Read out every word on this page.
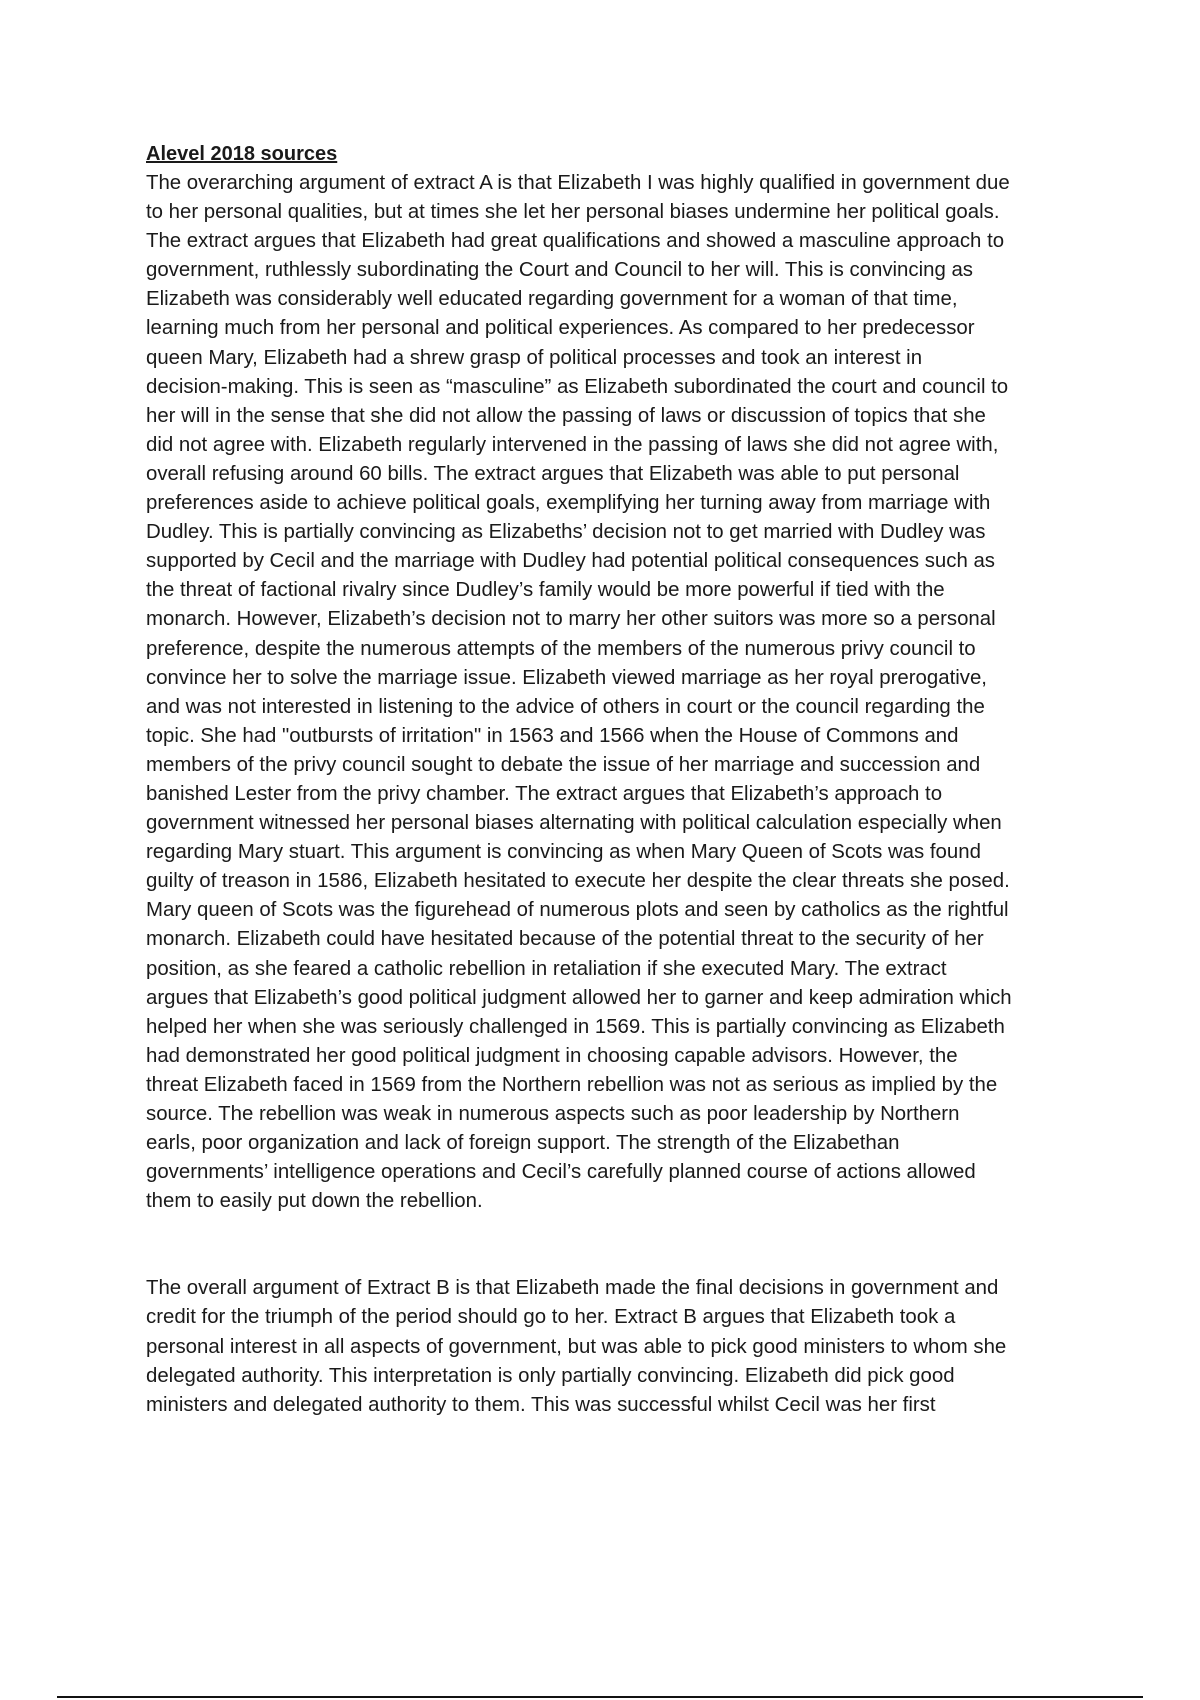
Alevel 2018 sources

The overarching argument of extract A is that Elizabeth I was highly qualified in government due
to her personal qualities, but at times she let her personal biases undermine her political goals.
The extract argues that Elizabeth had great qualifications and showed a masculine approach to
government, ruthlessly subordinating the Court and Council to her will. This is convincing as
Elizabeth was considerably well educated regarding government for a woman of that time,
learning much from her personal and political experiences. As compared to her predecessor
queen Mary, Elizabeth had a shrew grasp of political processes and took an interest in
decision-making. This is seen as “masculine” as Elizabeth subordinated the court and council to
her will in the sense that she did not allow the passing of laws or discussion of topics that she
did not agree with. Elizabeth regularly intervened in the passing of laws she did not agree with,
overall refusing around 60 bills. The extract argues that Elizabeth was able to put personal
preferences aside to achieve political goals, exemplifying her turning away from marriage with
Dudley. This is partially convincing as Elizabeths’ decision not to get married with Dudley was
supported by Cecil and the marriage with Dudley had potential political consequences such as
the threat of factional rivalry since Dudley’s family would be more powerful if tied with the
monarch. However, Elizabeth’s decision not to marry her other suitors was more so a personal
preference, despite the numerous attempts of the members of the numerous privy council to
convince her to solve the marriage issue. Elizabeth viewed marriage as her royal prerogative,
and was not interested in listening to the advice of others in court or the council regarding the
topic. She had "outbursts of irritation" in 1563 and 1566 when the House of Commons and
members of the privy council sought to debate the issue of her marriage and succession and
banished Lester from the privy chamber. The extract argues that Elizabeth’s approach to
government witnessed her personal biases alternating with political calculation especially when
regarding Mary stuart. This argument is convincing as when Mary Queen of Scots was found
guilty of treason in 1586, Elizabeth hesitated to execute her despite the clear threats she posed.
Mary queen of Scots was the figurehead of numerous plots and seen by catholics as the rightful
monarch. Elizabeth could have hesitated because of the potential threat to the security of her
position, as she feared a catholic rebellion in retaliation if she executed Mary. The extract
argues that Elizabeth’s good political judgment allowed her to garner and keep admiration which
helped her when she was seriously challenged in 1569. This is partially convincing as Elizabeth
had demonstrated her good political judgment in choosing capable advisors. However, the
threat Elizabeth faced in 1569 from the Northern rebellion was not as serious as implied by the
source. The rebellion was weak in numerous aspects such as poor leadership by Northern
earls, poor organization and lack of foreign support. The strength of the Elizabethan
governments’ intelligence operations and Cecil’s carefully planned course of actions allowed
them to easily put down the rebellion.

The overall argument of Extract B is that Elizabeth made the final decisions in government and
credit for the triumph of the period should go to her. Extract B argues that Elizabeth took a
personal interest in all aspects of government, but was able to pick good ministers to whom she
delegated authority. This interpretation is only partially convincing. Elizabeth did pick good
ministers and delegated authority to them. This was successful whilst Cecil was her first
